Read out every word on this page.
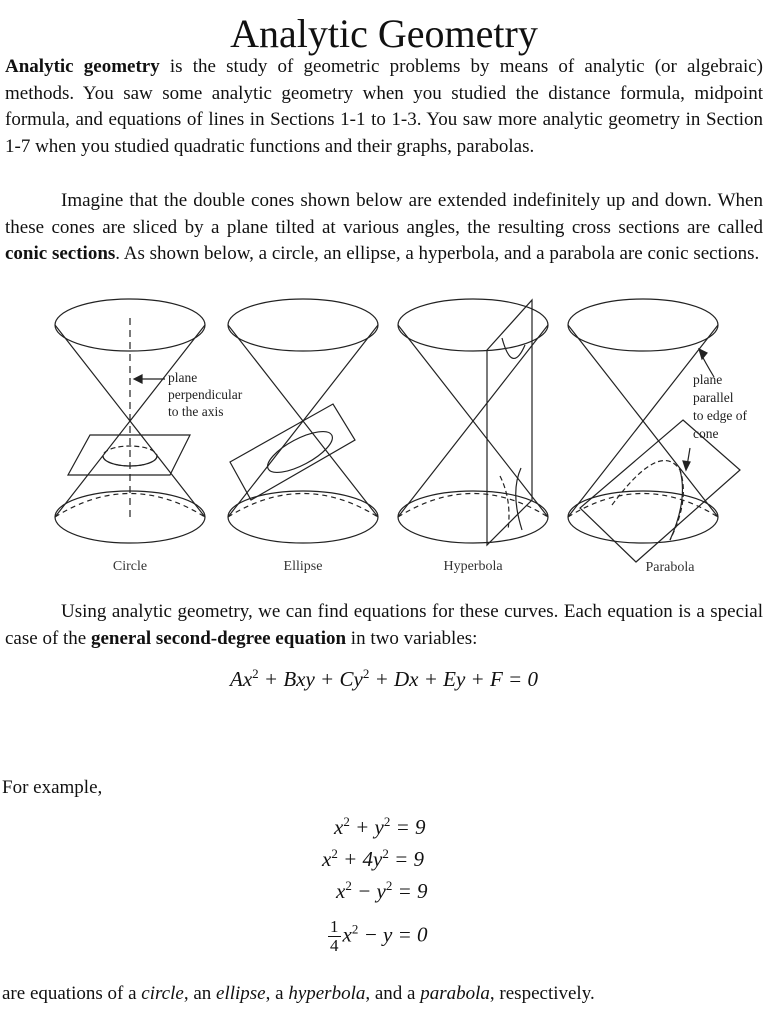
Analytic Geometry
Analytic geometry is the study of geometric problems by means of analytic (or algebraic) methods. You saw some analytic geometry when you studied the distance formula, midpoint formula, and equations of lines in Sections 1-1 to 1-3. You saw more analytic geometry in Section 1-7 when you studied quadratic functions and their graphs, parabolas.
Imagine that the double cones shown below are extended indefinitely up and down. When these cones are sliced by a plane tilted at various angles, the resulting cross sections are called conic sections. As shown below, a circle, an ellipse, a hyperbola, and a parabola are conic sections.
plane
perpendicular
to the axis
plane
parallel
to edge of
cone
Circle	Ellipse	Hyperbola	Parabola
Using analytic geometry, we can find equations for these curves. Each equation is a special case of the general second-degree equation in two variables:
$Ax^2$ + Bxy + $Cy^2 + Dx + Ey + F = 0$
For example,
$x^2 + y^2 = 9$
$x^2 + 4y^2 = 9$
$x^2 - y^2 = 9$
$\frac{1}{4} x^2 - y = 0$
are equations of a circle, an ellipse, a hyperbola, and a parabola, respectively.
